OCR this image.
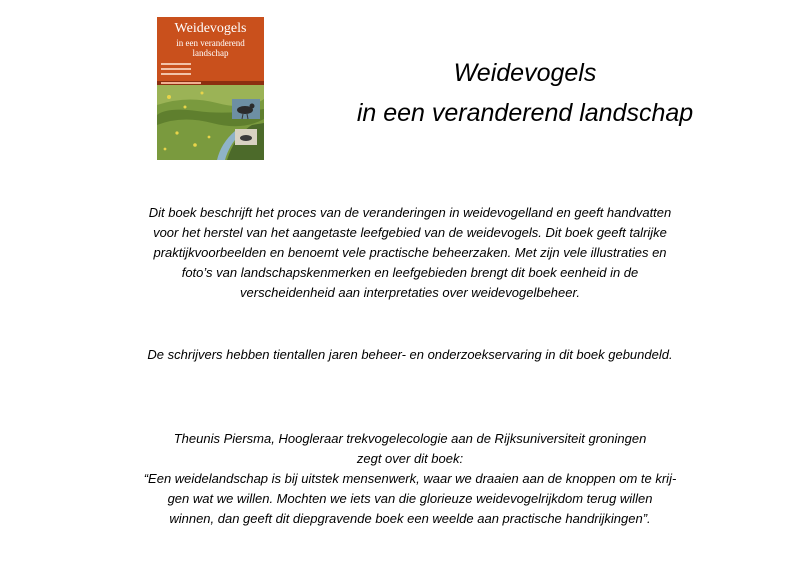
Weidevogels
in een veranderend
landschap
Weidevogels
in een veranderend landschap

Dit boek beschrijft het proces van de veranderingen in weidevogelland en geeft handvatten
voor het herstel van het aangetaste leefgebied van de weidevogels. Dit boek geeft talrijke
praktijkvoorbeelden en benoemt vele practische beheerzaken. Met zijn vele illustraties en
foto’s van landschapskenmerken en leefgebieden brengt dit boek eenheid in de
verscheidenheid aan interpretaties over weidevogelbeheer.

De schrijvers hebben tientallen jaren beheer- en onderzoekservaring in dit boek gebundeld.

Theunis Piersma, Hoogleraar trekvogelecologie aan de Rijksuniversiteit groningen
zegt over dit boek:
“Een weidelandschap is bij uitstek mensenwerk, waar we draaien aan de knoppen om te krij-
gen wat we willen. Mochten we iets van die glorieuze weidevogelrijkdom terug willen
winnen, dan geeft dit diepgravende boek een weelde aan practische handrijkingen”.
